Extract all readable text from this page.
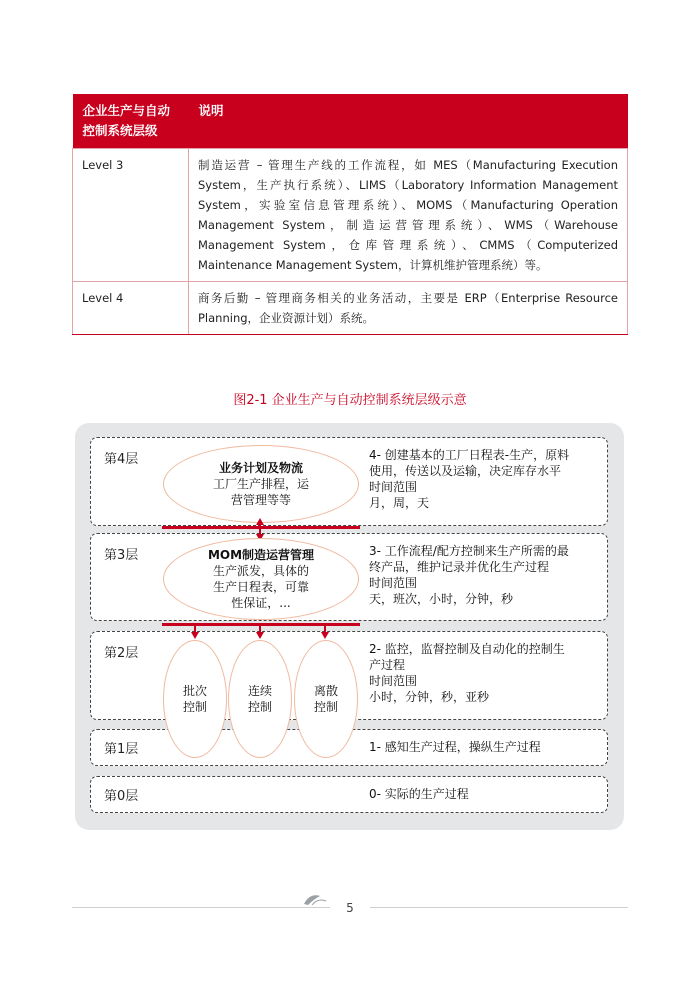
企业生产与自动控制系统层级	说明
Level 3	制造运营 – 管理生产线的工作流程，如 MES（Manufacturing Execution System，生产执行系统）、LIMS（Laboratory Information Management System，实验室信息管理系统）、MOMS（Manufacturing Operation Management System，制造运营管理系统）、WMS（Warehouse Management System，仓库管理系统）、CMMS（Computerized Maintenance Management System，计算机维护管理系统）等。
Level 4	商务后勤 – 管理商务相关的业务活动，主要是 ERP（Enterprise Resource Planning，企业资源计划）系统。
图2-1 企业生产与自动控制系统层级示意
第4层	4- 创建基本的工厂日程表-生产，原料
使用，传送以及运输，决定库存水平
时间范围
月，周，天
第3层	3- 工作流程/配方控制来生产所需的最
终产品，维护记录并优化生产过程
时间范围
天，班次，小时，分钟，秒
第2层	2- 监控，监督控制及自动化的控制生
产过程
时间范围
小时，分钟，秒，亚秒
第1层	1- 感知生产过程，操纵生产过程
第0层	0- 实际的生产过程
业务计划及物流
工厂生产排程，运
营管理等等
MOM制造运营管理
生产派发，具体的
生产日程表，可靠
性保证，...
批次
控制
连续
控制
离散
控制
5
